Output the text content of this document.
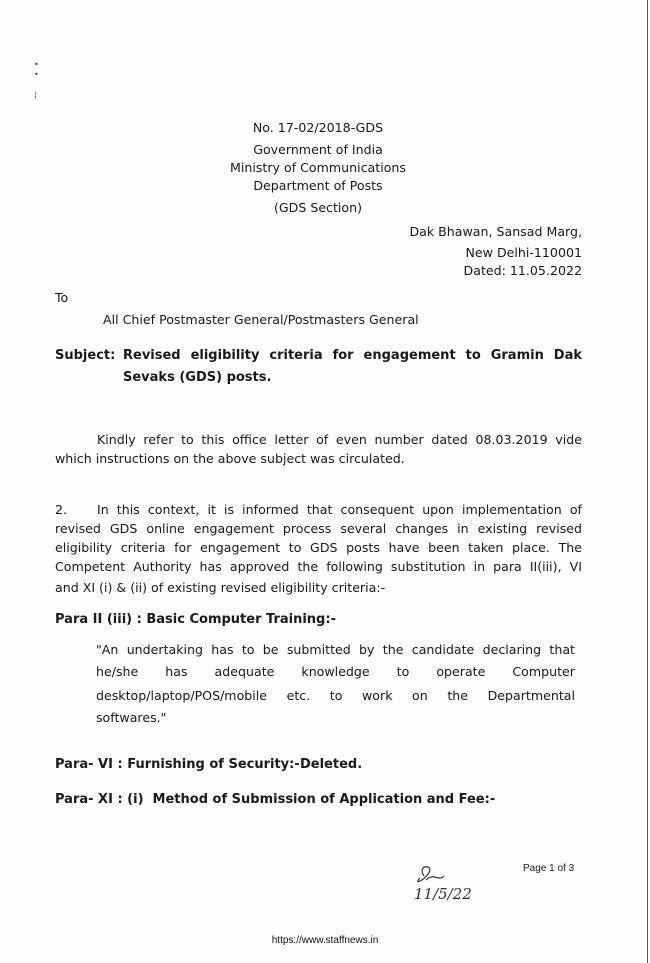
•
•

¦
No. 17-02/2018-GDS
Government of India
Ministry of Communications
Department of Posts
(GDS Section)
Dak Bhawan, Sansad Marg,
New Delhi-110001
Dated: 11.05.2022
To
All Chief Postmaster General/Postmasters General
Subject: Revised eligibility criteria for engagement to Gramin Dak
Sevaks (GDS) posts.
Kindly refer to this office letter of even number dated 08.03.2019 vide
which instructions on the above subject was circulated.
2. In this context, it is informed that consequent upon implementation of
revised GDS online engagement process several changes in existing revised
eligibility criteria for engagement to GDS posts have been taken place. The
Competent Authority has approved the following substitution in para II(iii), VI
and XI (i) & (ii) of existing revised eligibility criteria:-
Para II (iii) : Basic Computer Training:-
"An undertaking has to be submitted by the candidate declaring that
he/she has adequate knowledge to operate Computer
desktop/laptop/POS/mobile etc. to work on the Departmental
softwares."
Para- VI : Furnishing of Security:- Deleted.
Para- XI : (i)  Method of Submission of Application and Fee:-
11/5/22
Page 1 of 3
https://www.staffnews.in
